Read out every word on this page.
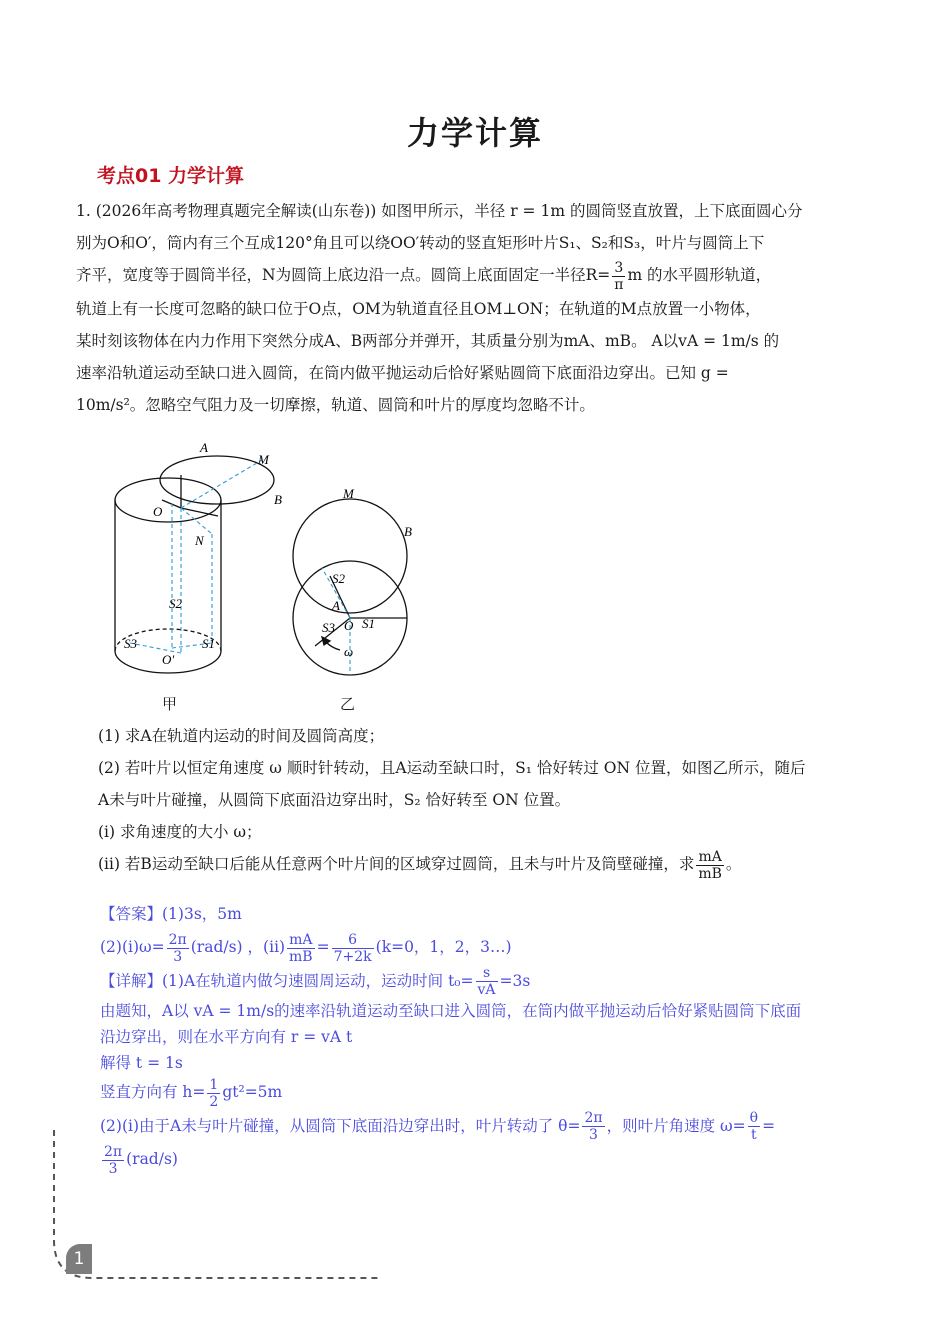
力学计算
考点01 力学计算

1. (2026年高考物理真题完全解读(山东卷)) 如图甲所示，半径 r = 1m 的圆筒竖直放置，上下底面圆心分

别为O和O′，筒内有三个互成120°角且可以绕OO′转动的竖直矩形叶片S₁、S₂和S₃，叶片与圆筒上下

齐平，宽度等于圆筒半径，N为圆筒上底边沿一点。圆筒上底面固定一半径$R= \frac{3}{\pi}$ m 的水平圆形轨道，

轨道上有一长度可忽略的缺口位于O点，OM为轨道直径且OM⊥ON；在轨道的M点放置一小物体，

某时刻该物体在内力作用下突然分成A、B两部分并弹开，其质量分别为mA、mB。 A以vA = 1m/s 的

速率沿轨道运动至缺口进入圆筒，在筒内做平抛运动后恰好紧贴圆筒下底面沿边穿出。已知 g =

10m/s²。忽略空气阻力及一切摩擦，轨道、圆筒和叶片的厚度均忽略不计。

A
M
B
O
N
S2
S3	S1
O′
M
B
S2
A
O
S3 S1
ω
甲	乙

(1) 求A在轨道内运动的时间及圆筒高度；

(2) 若叶片以恒定角速度 ω 顺时针转动，且A运动至缺口时，S₁ 恰好转过 ON 位置，如图乙所示，随后

A未与叶片碰撞，从圆筒下底面沿边穿出时，S₂ 恰好转至 ON 位置。

(ⅰ) 求角速度的大小 ω；

(ⅱ) 若B运动至缺口后能从任意两个叶片间的区域穿过圆筒，且未与叶片及筒壁碰撞，求 $\frac{mA}{mB}$ 。

【答案】(1)3s，5m

(2)(ⅰ)ω= $\frac{2\pi}{3} (rad/s)$ ，(ⅱ) $\frac{mA}{mB} = \frac{6}{7+2k} (k=0$，1，2，3…)

【详解】(1)A在轨道内做匀速圆周运动，运动时间 $t_0= \frac{s}{vA} =3s$

由题知，A以 vA = 1m/s的速率沿轨道运动至缺口进入圆筒，在筒内做平抛运动后恰好紧贴圆筒下底面

沿边穿出，则在水平方向有 r = vA t

解得 t = 1s

竖直方向有 $h= \frac{1}{2} gt^2=5m$

(2)(ⅰ)由于A未与叶片碰撞，从圆筒下底面沿边穿出时，叶片转动了 $\theta= \frac{2\pi}{3}$ ，则叶片角速度 $\omega= \frac{\theta}{t}$ =

$\frac{2\pi}{3} (rad/s)$

1
